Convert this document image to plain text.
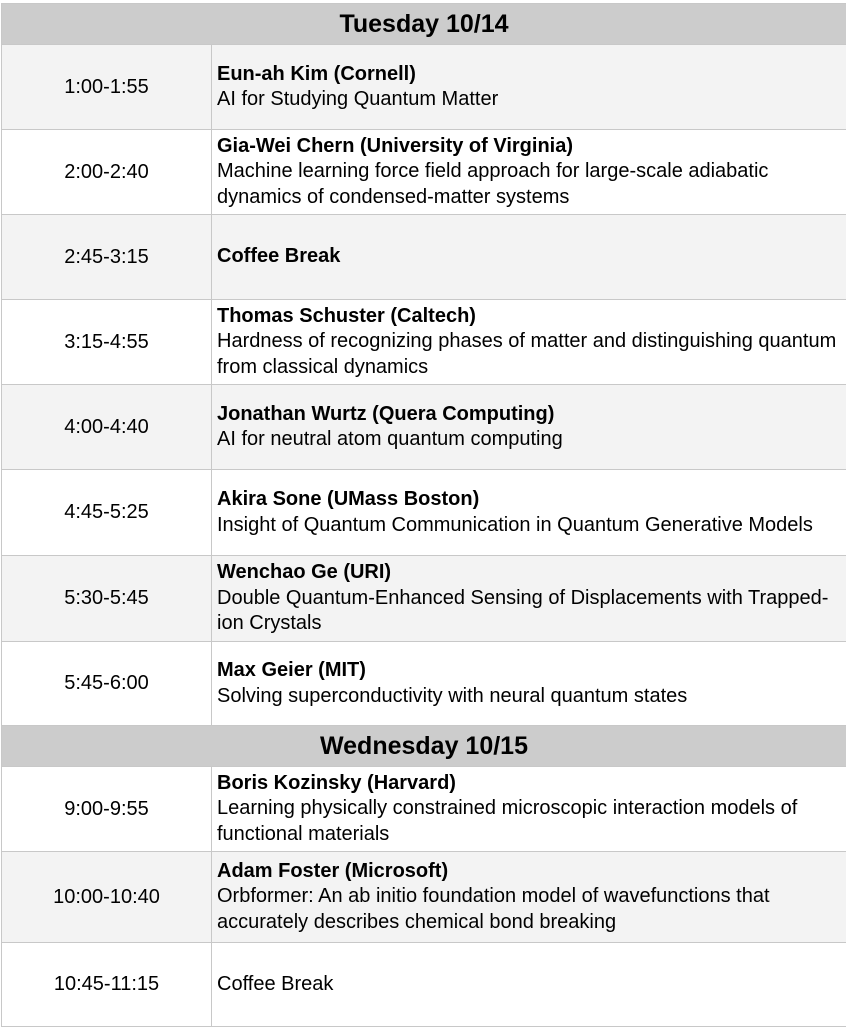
Tuesday 10/14	
1:00-1:55	Eun-ah Kim (Cornell)
AI for Studying Quantum Matter

2:00-2:40	Gia-Wei Chern (University of Virginia)
Machine learning force field approach for large-scale adiabatic dynamics of condensed-matter systems

2:45-3:15	Coffee Break

3:15-4:55	Thomas Schuster (Caltech)
Hardness of recognizing phases of matter and distinguishing quantum from classical dynamics

4:00-4:40	Jonathan Wurtz (Quera Computing)
AI for neutral atom quantum computing

4:45-5:25	Akira Sone (UMass Boston)
Insight of Quantum Communication in Quantum Generative Models

5:30-5:45	Wenchao Ge (URI)
Double Quantum-Enhanced Sensing of Displacements with Trapped-ion Crystals

5:45-6:00	Max Geier (MIT)
Solving superconductivity with neural quantum states

Wednesday 10/15	
9:00-9:55	Boris Kozinsky (Harvard)
Learning physically constrained microscopic interaction models of functional materials

10:00-10:40	Adam Foster (Microsoft)
Orbformer: An ab initio foundation model of wavefunctions that accurately describes chemical bond breaking

10:45-11:15	Coffee Break
